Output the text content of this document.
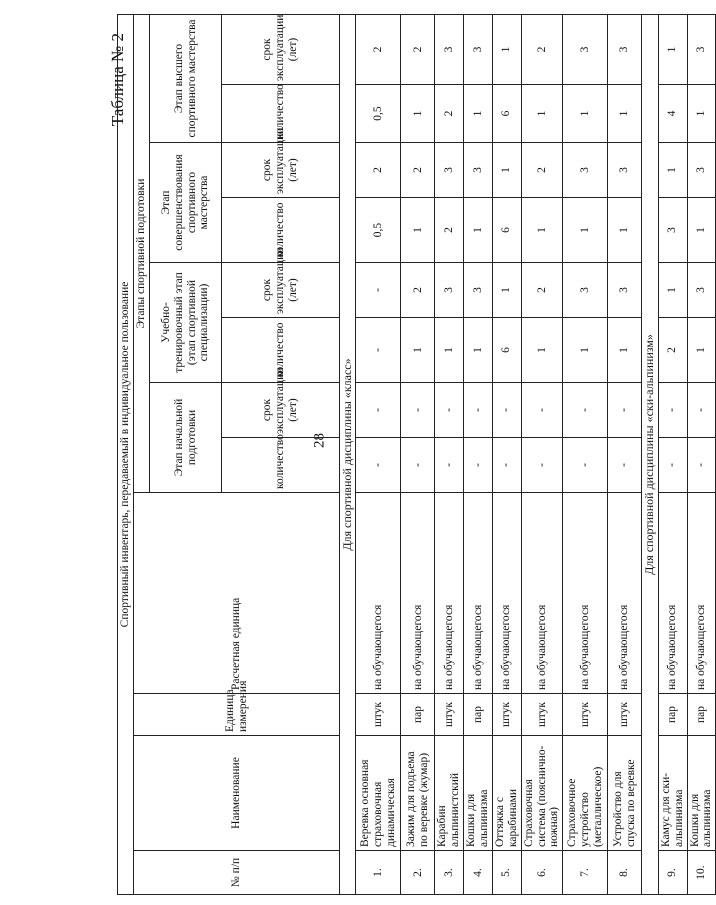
28
Таблица № 2
Спортивный инвентарь, передаваемый в индивидуальное пользование											
№ п/п	Наименование	Единица измерения	Расчетная единица	Этапы спортивной подготовки							
				Этап начальной подготовки		Учебно-тренировочный этап (этап спортивной специализации)		Этап совершенствования спортивного мастерства		Этап высшего спортивного мастерства	
				количество	срок эксплуатации (лет)	количество	срок эксплуатации (лет)	количество	срок эксплуатации (лет)	количество	срок эксплуатации (лет)
Для спортивной дисциплины «класс»											
1.	Веревка основная страховочная динамическая	штук	на обучающегося	-	-	-	-	0,5	2	0,5	2
2.	Зажим для подъема по веревке (жумар)	пар	на обучающегося	-	-	1	2	1	2	1	2
3.	Карабин альпинистский	штук	на обучающегося	-	-	1	3	2	3	2	3
4.	Кошки для альпинизма	пар	на обучающегося	-	-	1	3	1	3	1	3
5.	Оттяжка с карабинами	штук	на обучающегося	-	-	6	1	6	1	6	1
6.	Страховочная система (пояснично-ножная)	штук	на обучающегося	-	-	1	2	1	2	1	2
7.	Страховочное устройство (металлическое)	штук	на обучающегося	-	-	1	3	1	3	1	3
8.	Устройство для спуска по веревке	штук	на обучающегося	-	-	1	3	1	3	1	3
Для спортивной дисциплины «ски-альпинизм»											
9.	Камус для ски-альпинизма	пар	на обучающегося	-	-	2	1	3	1	4	1
10.	Кошки для альпинизма	пар	на обучающегося	-	-	1	3	1	3	1	3
